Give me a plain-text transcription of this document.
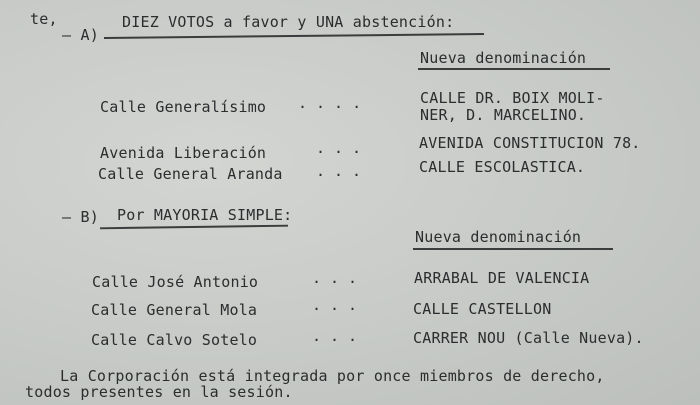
te,
– A)
DIEZ VOTOS a favor y UNA abstención:
Nueva denominación
Calle Generalísimo ....	CALLE DR. BOIX MOLI-
NER, D. MARCELINO.
Avenida Liberación	...	AVENIDA CONSTITUCION 78.
Calle General Aranda ...	CALLE ESCOLASTICA.
– B) Por MAYORIA SIMPLE:
Nueva denominación
Calle José Antonio	...	ARRABAL DE VALENCIA
Calle General Mola	...	CALLE CASTELLON
Calle Calvo Sotelo	...	CARRER NOU (Calle Nueva).
La Corporación está integrada por once miembros de derecho,
todos presentes en la sesión.
